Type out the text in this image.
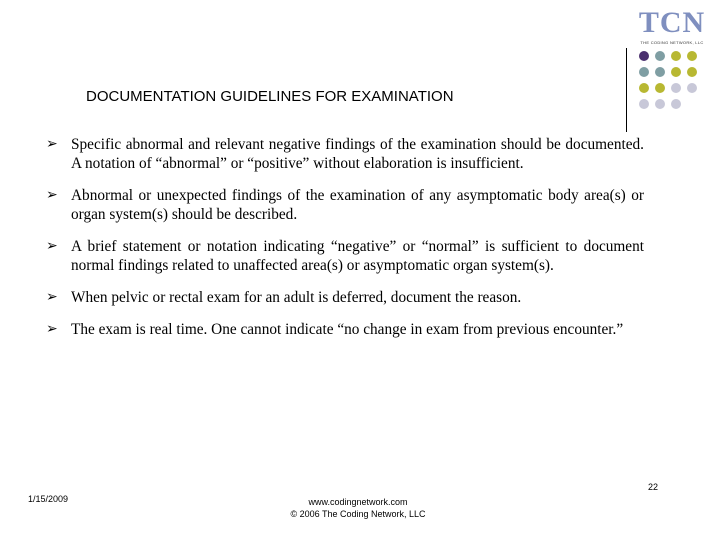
TCN
THE CODING NETWORK, LLC
DOCUMENTATION GUIDELINES FOR EXAMINATION
➢ Specific abnormal and relevant negative findings of the examination should be documented. A notation of “abnormal” or “positive” without elaboration is insufficient.
➢ Abnormal or unexpected findings of the examination of any asymptomatic body area(s) or organ system(s) should be described.
➢ A brief statement or notation indicating “negative” or “normal” is sufficient to document normal findings related to unaffected area(s) or asymptomatic organ system(s).
➢ When pelvic or rectal exam for an adult is deferred, document the reason.
➢ The exam is real time. One cannot indicate “no change in exam from previous encounter.”
22
1/15/2009	www.codingnetwork.com
© 2006 The Coding Network, LLC
